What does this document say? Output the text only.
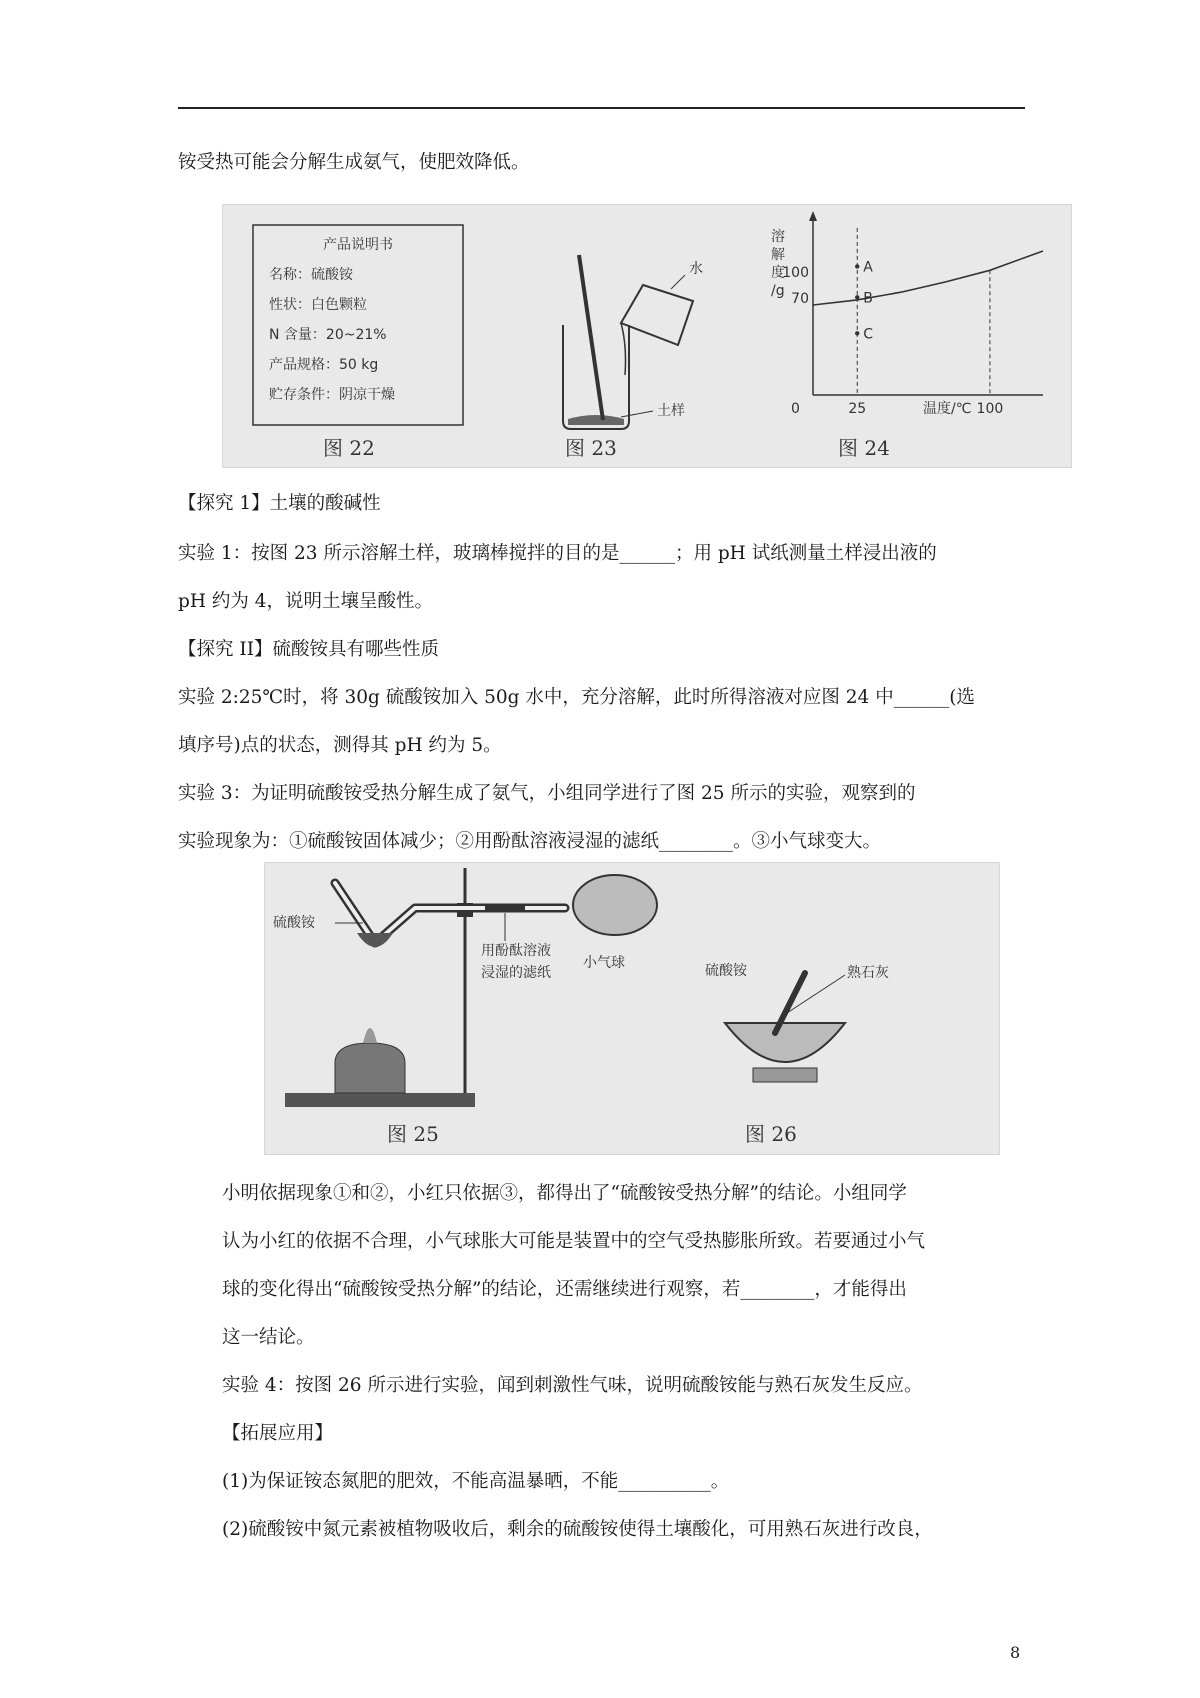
铵受热可能会分解生成氨气，使肥效降低。
产品说明书
名称：硫酸铵
性状：白色颗粒
N 含量：20~21%
产品规格：50 kg
贮存条件：阴凉干燥
图 22
水
土样
图 23
溶
解
度
/g
100
70
A
B
C
0	25	100
温度/℃
图 24
【探究 1】土壤的酸碱性
实验 1：按图 23 所示溶解土样，玻璃棒搅拌的目的是______；用 pH 试纸测量土样浸出液的
pH 约为 4，说明土壤呈酸性。
【探究 II】硫酸铵具有哪些性质
实验 2:25℃时，将 30g 硫酸铵加入 50g 水中，充分溶解，此时所得溶液对应图 24 中______(选
填序号)点的状态，测得其 pH 约为 5。
实验 3：为证明硫酸铵受热分解生成了氨气，小组同学进行了图 25 所示的实验，观察到的
实验现象为：①硫酸铵固体减少；②用酚酞溶液浸湿的滤纸________。③小气球变大。
硫酸铵
用酚酞溶液
浸湿的滤纸
小气球
图 25
硫酸铵	熟石灰
图 26
小明依据现象①和②，小红只依据③，都得出了“硫酸铵受热分解”的结论。小组同学
认为小红的依据不合理，小气球胀大可能是装置中的空气受热膨胀所致。若要通过小气
球的变化得出“硫酸铵受热分解”的结论，还需继续进行观察，若________，才能得出
这一结论。
实验 4：按图 26 所示进行实验，闻到刺激性气味，说明硫酸铵能与熟石灰发生反应。
【拓展应用】
(1)为保证铵态氮肥的肥效，不能高温暴晒，不能__________。
(2)硫酸铵中氮元素被植物吸收后，剩余的硫酸铵使得土壤酸化，可用熟石灰进行改良，
8
